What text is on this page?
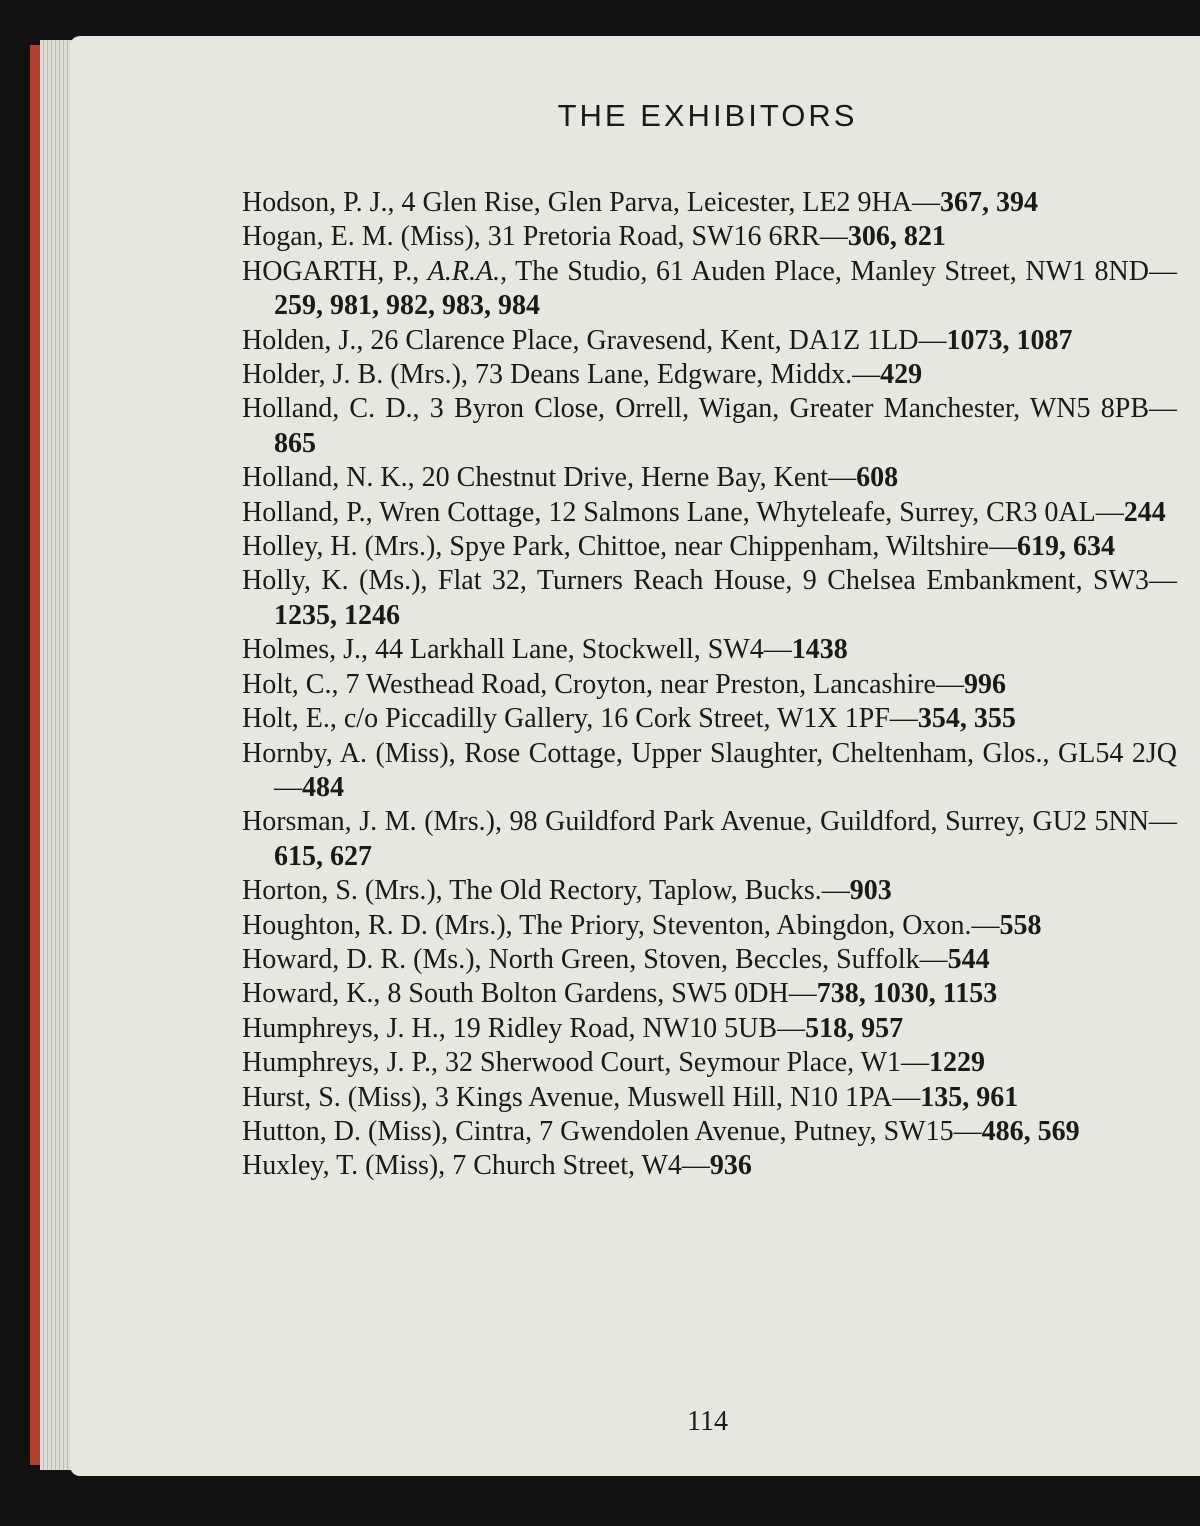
THE EXHIBITORS

Hodson, P. J., 4 Glen Rise, Glen Parva, Leicester, LE2 9HA—367, 394

Hogan, E. M. (Miss), 31 Pretoria Road, SW16 6RR—306, 821

HOGARTH, P., A.R.A., The Studio, 61 Auden Place, Manley Street, NW1 8ND—259, 981, 982, 983, 984

Holden, J., 26 Clarence Place, Gravesend, Kent, DA1Z 1LD—1073, 1087

Holder, J. B. (Mrs.), 73 Deans Lane, Edgware, Middx.—429

Holland, C. D., 3 Byron Close, Orrell, Wigan, Greater Manchester, WN5 8PB—865

Holland, N. K., 20 Chestnut Drive, Herne Bay, Kent—608

Holland, P., Wren Cottage, 12 Salmons Lane, Whyteleafe, Surrey, CR3 0AL—244

Holley, H. (Mrs.), Spye Park, Chittoe, near Chippenham, Wiltshire—619, 634

Holly, K. (Ms.), Flat 32, Turners Reach House, 9 Chelsea Embankment, SW3—1235, 1246

Holmes, J., 44 Larkhall Lane, Stockwell, SW4—1438

Holt, C., 7 Westhead Road, Croyton, near Preston, Lancashire—996

Holt, E., c/o Piccadilly Gallery, 16 Cork Street, W1X 1PF—354, 355

Hornby, A. (Miss), Rose Cottage, Upper Slaughter, Cheltenham, Glos., GL54 2JQ—484

Horsman, J. M. (Mrs.), 98 Guildford Park Avenue, Guildford, Surrey, GU2 5NN—615, 627

Horton, S. (Mrs.), The Old Rectory, Taplow, Bucks.—903

Houghton, R. D. (Mrs.), The Priory, Steventon, Abingdon, Oxon.—558

Howard, D. R. (Ms.), North Green, Stoven, Beccles, Suffolk—544

Howard, K., 8 South Bolton Gardens, SW5 0DH—738, 1030, 1153

Humphreys, J. H., 19 Ridley Road, NW10 5UB—518, 957

Humphreys, J. P., 32 Sherwood Court, Seymour Place, W1—1229

Hurst, S. (Miss), 3 Kings Avenue, Muswell Hill, N10 1PA—135, 961

Hutton, D. (Miss), Cintra, 7 Gwendolen Avenue, Putney, SW15—486, 569

Huxley, T. (Miss), 7 Church Street, W4—936

114
